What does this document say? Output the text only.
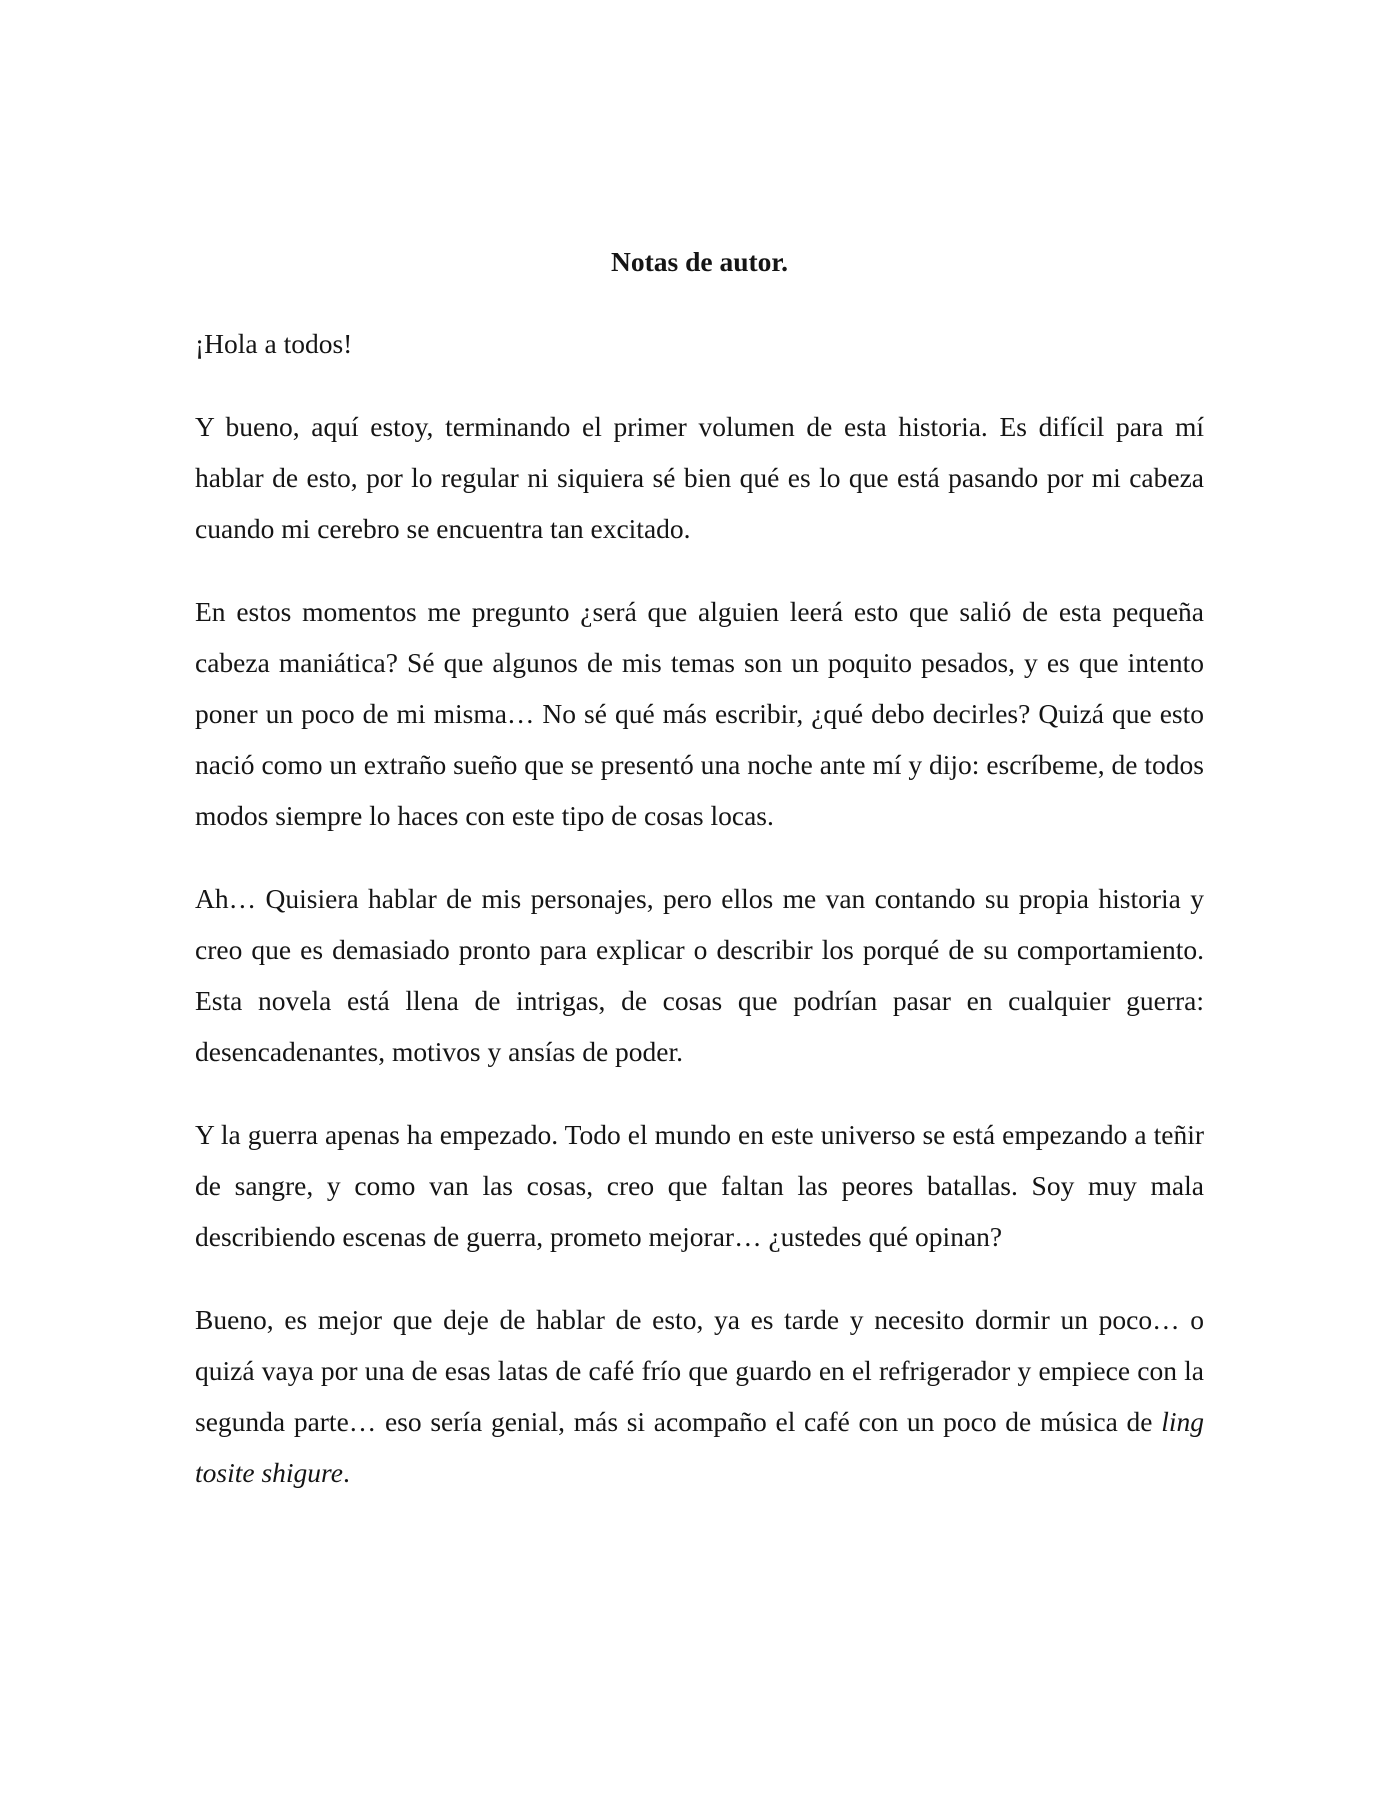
Notas de autor.
¡Hola a todos!
Y bueno, aquí estoy, terminando el primer volumen de esta historia. Es difícil para mí hablar de esto, por lo regular ni siquiera sé bien qué es lo que está pasando por mi cabeza cuando mi cerebro se encuentra tan excitado.
En estos momentos me pregunto ¿será que alguien leerá esto que salió de esta pequeña cabeza maniática? Sé que algunos de mis temas son un poquito pesados, y es que intento poner un poco de mi misma… No sé qué más escribir, ¿qué debo decirles? Quizá que esto nació como un extraño sueño que se presentó una noche ante mí y dijo: escríbeme, de todos modos siempre lo haces con este tipo de cosas locas.
Ah… Quisiera hablar de mis personajes, pero ellos me van contando su propia historia y creo que es demasiado pronto para explicar o describir los porqué de su comportamiento. Esta novela está llena de intrigas, de cosas que podrían pasar en cualquier guerra: desencadenantes, motivos y ansías de poder.
Y la guerra apenas ha empezado. Todo el mundo en este universo se está empezando a teñir de sangre, y como van las cosas, creo que faltan las peores batallas. Soy muy mala describiendo escenas de guerra, prometo mejorar… ¿ustedes qué opinan?
Bueno, es mejor que deje de hablar de esto, ya es tarde y necesito dormir un poco… o quizá vaya por una de esas latas de café frío que guardo en el refrigerador y empiece con la segunda parte… eso sería genial, más si acompaño el café con un poco de música de ling tosite shigure.
